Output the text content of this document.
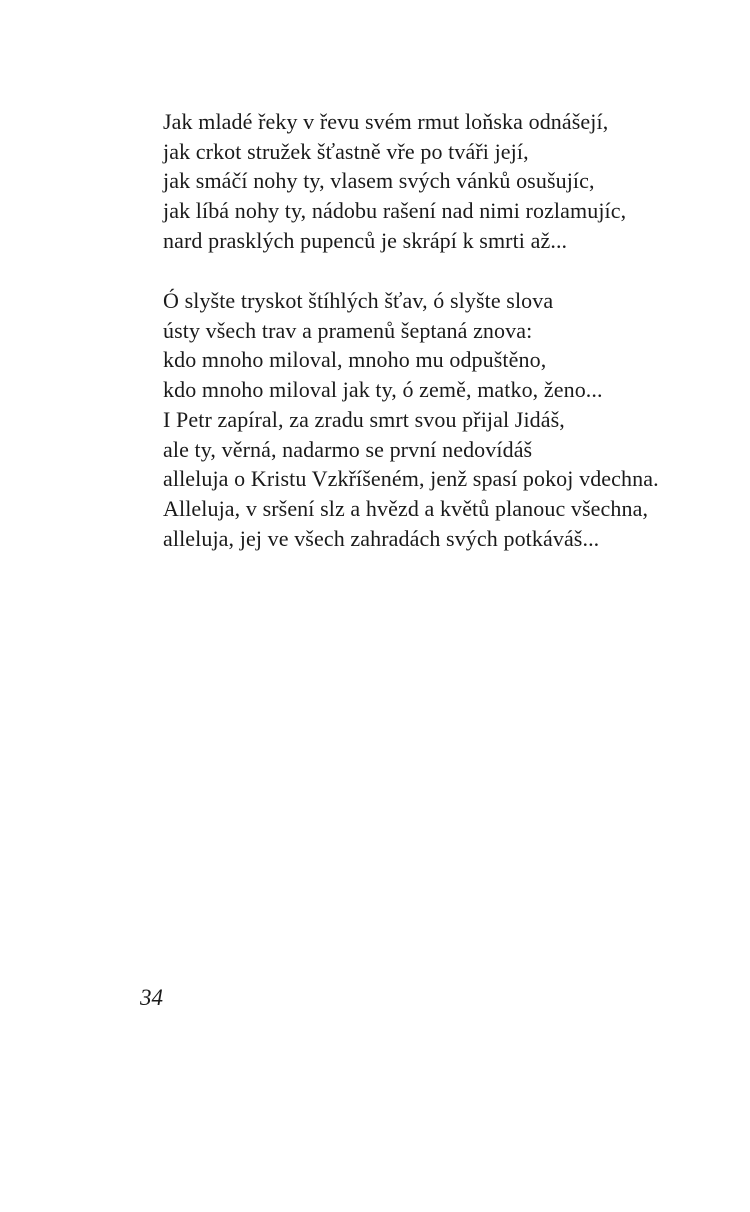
Jak mladé řeky v řevu svém rmut loňska odnášejí,
jak crkot stružek šťastně vře po tváři její,
jak smáčí nohy ty, vlasem svých vánků osušujíc,
jak líbá nohy ty, nádobu rašení nad nimi rozlamujíc,
nard prasklých pupenců je skrápí k smrti až...
Ó slyšte tryskot štíhlých šťav, ó slyšte slova
ústy všech trav a pramenů šeptaná znova:
kdo mnoho miloval, mnoho mu odpuštěno,
kdo mnoho miloval jak ty, ó země, matko, ženo...
I Petr zapíral, za zradu smrt svou přijal Jidáš,
ale ty, věrná, nadarmo se první nedovídáš
alleluja o Kristu Vzkříšeném, jenž spasí pokoj vdechna.
Alleluja, v sršení slz a hvězd a květů planouc všechna,
alleluja, jej ve všech zahradách svých potkáváš...
34
